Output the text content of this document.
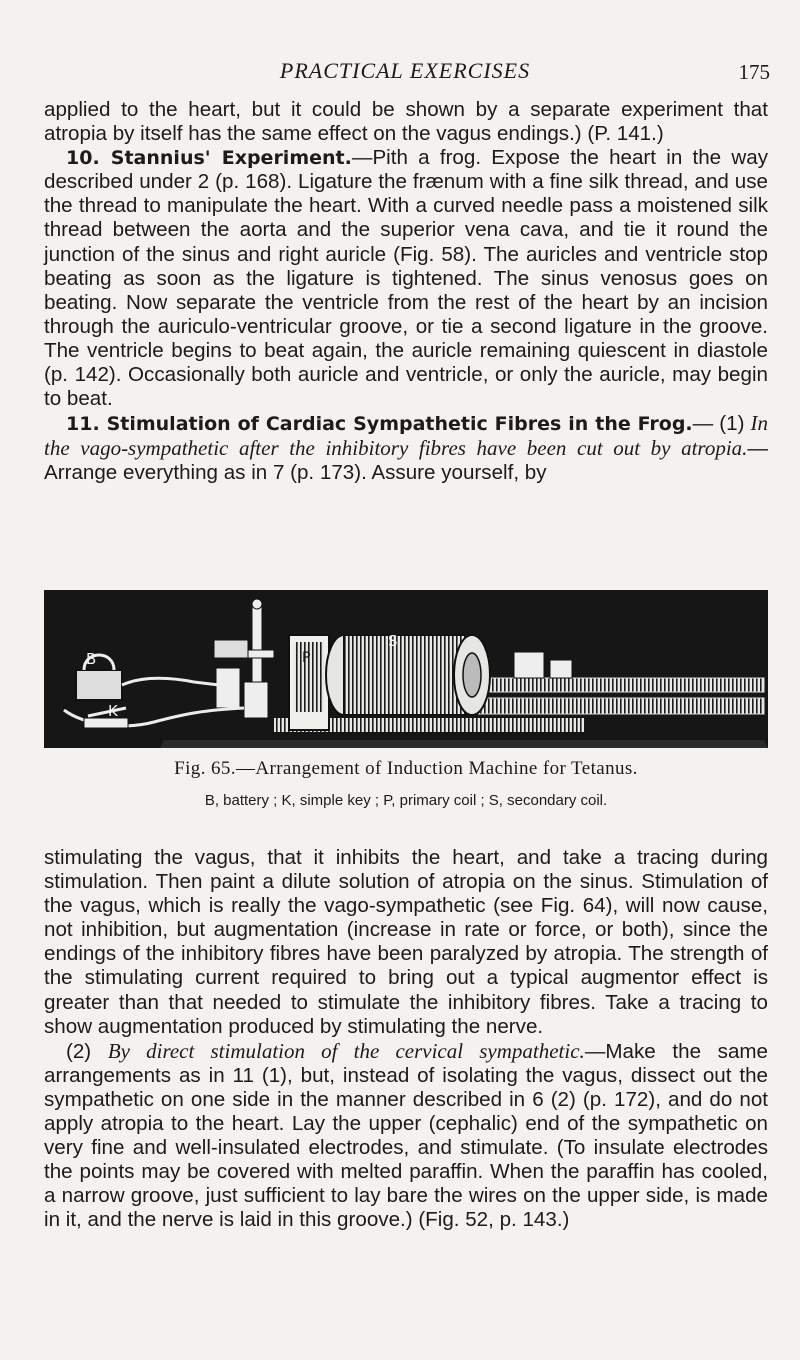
PRACTICAL EXERCISES	175

applied to the heart, but it could be shown by a separate experiment that atropia by itself has the same effect on the vagus endings.) (P. 141.)

10. Stannius' Experiment.—Pith a frog. Expose the heart in the way described under 2 (p. 168). Ligature the frænum with a fine silk thread, and use the thread to manipulate the heart. With a curved needle pass a moistened silk thread between the aorta and the superior vena cava, and tie it round the junction of the sinus and right auricle (Fig. 58). The auricles and ventricle stop beating as soon as the ligature is tightened. The sinus venosus goes on beating. Now separate the ventricle from the rest of the heart by an incision through the auriculo-ventricular groove, or tie a second ligature in the groove. The ventricle begins to beat again, the auricle remaining quiescent in diastole (p. 142). Occasionally both auricle and ventricle, or only the auricle, may begin to beat.

11. Stimulation of Cardiac Sympathetic Fibres in the Frog.— (1) In the vago-sympathetic after the inhibitory fibres have been cut out by atropia.—Arrange everything as in 7 (p. 173). Assure yourself, by

B
K
P
S
Fig. 65.—Arrangement of Induction Machine for Tetanus.
B, battery ; K, simple key ; P, primary coil ; S, secondary coil.

stimulating the vagus, that it inhibits the heart, and take a tracing during stimulation. Then paint a dilute solution of atropia on the sinus. Stimulation of the vagus, which is really the vago-sympathetic (see Fig. 64), will now cause, not inhibition, but augmentation (increase in rate or force, or both), since the endings of the inhibitory fibres have been paralyzed by atropia. The strength of the stimulating current required to bring out a typical augmentor effect is greater than that needed to stimulate the inhibitory fibres. Take a tracing to show augmentation produced by stimulating the nerve.

(2) By direct stimulation of the cervical sympathetic.—Make the same arrangements as in 11 (1), but, instead of isolating the vagus, dissect out the sympathetic on one side in the manner described in 6 (2) (p. 172), and do not apply atropia to the heart. Lay the upper (cephalic) end of the sympathetic on very fine and well-insulated electrodes, and stimulate. (To insulate electrodes the points may be covered with melted paraffin. When the paraffin has cooled, a narrow groove, just sufficient to lay bare the wires on the upper side, is made in it, and the nerve is laid in this groove.) (Fig. 52, p. 143.)
